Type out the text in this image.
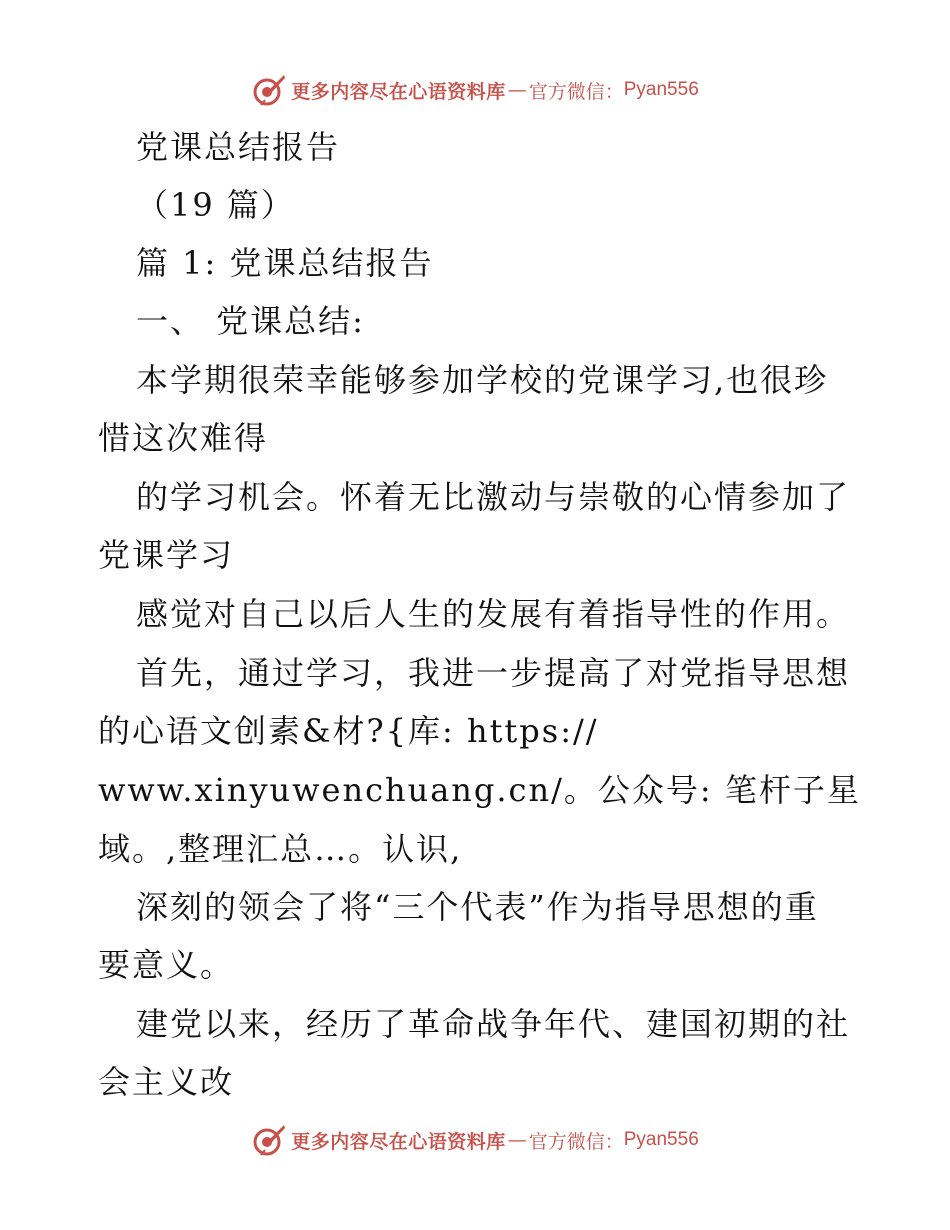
更多内容尽在心语资料库 — 官方微信： Pyan556
党课总结报告
（19 篇）
篇 1: 党课总结报告
一、 党课总结:
本学期很荣幸能够参加学校的党课学习,也很珍
惜这次难得
的学习机会。怀着无比激动与崇敬的心情参加了
党课学习
感觉对自己以后人生的发展有着指导性的作用。
首先，通过学习，我进一步提高了对党指导思想
的心语文创素&材?{库: https://
www.xinyuwenchuang.cn/。公众号: 笔杆子星
域。,整理汇总…。认识,
深刻的领会了将“三个代表”作为指导思想的重
要意义。
建党以来，经历了革命战争年代、建国初期的社
会主义改
更多内容尽在心语资料库 — 官方微信： Pyan556
